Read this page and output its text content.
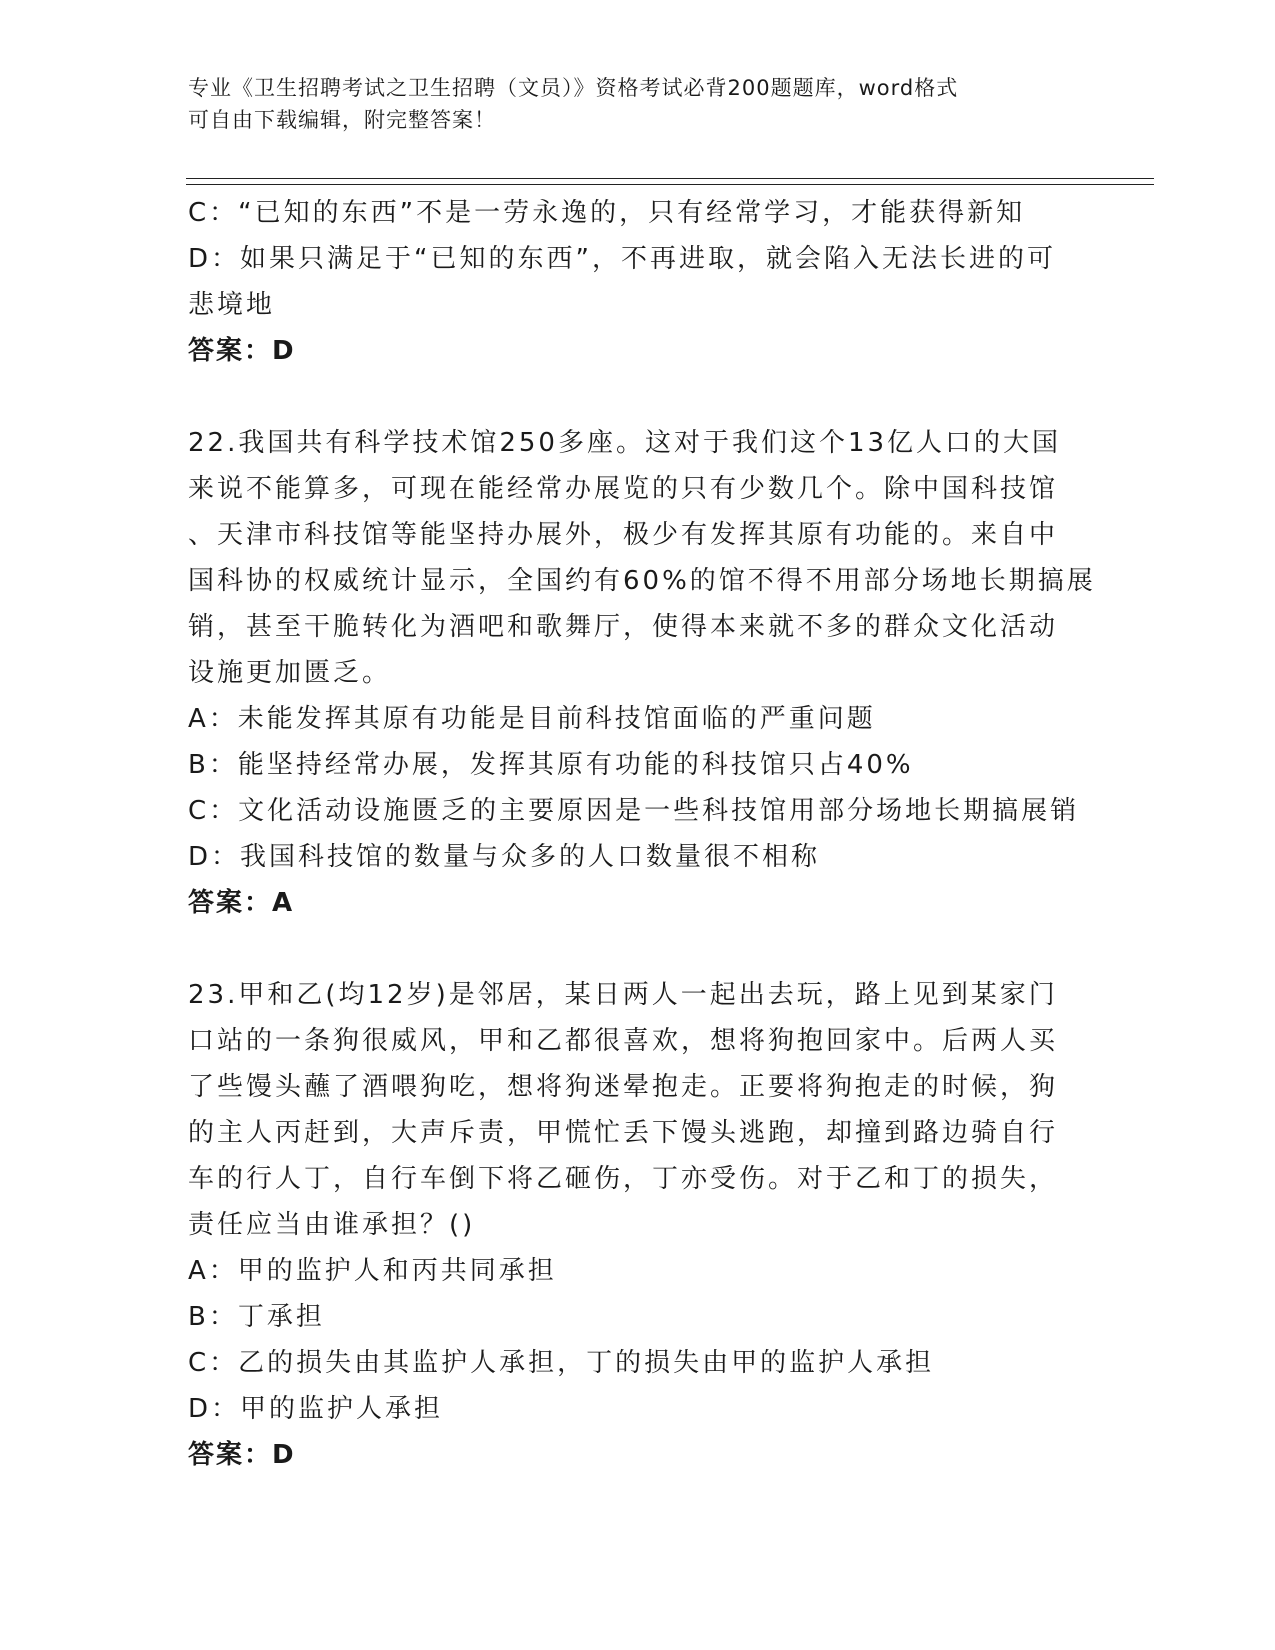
专业《卫生招聘考试之卫生招聘（文员）》资格考试必背200题题库，word格式
可自由下载编辑，附完整答案！
C：“已知的东西”不是一劳永逸的，只有经常学习，才能获得新知
D：如果只满足于“已知的东西”，不再进取，就会陷入无法长进的可
悲境地
答案：D
22.我国共有科学技术馆250多座。这对于我们这个13亿人口的大国
来说不能算多，可现在能经常办展览的只有少数几个。除中国科技馆
、天津市科技馆等能坚持办展外，极少有发挥其原有功能的。来自中
国科协的权威统计显示，全国约有60%的馆不得不用部分场地长期搞展
销，甚至干脆转化为酒吧和歌舞厅，使得本来就不多的群众文化活动
设施更加匮乏。
A：未能发挥其原有功能是目前科技馆面临的严重问题
B：能坚持经常办展，发挥其原有功能的科技馆只占40%
C：文化活动设施匮乏的主要原因是一些科技馆用部分场地长期搞展销
D：我国科技馆的数量与众多的人口数量很不相称
答案：A
23.甲和乙(均12岁)是邻居，某日两人一起出去玩，路上见到某家门
口站的一条狗很威风，甲和乙都很喜欢，想将狗抱回家中。后两人买
了些馒头蘸了酒喂狗吃，想将狗迷晕抱走。正要将狗抱走的时候，狗
的主人丙赶到，大声斥责，甲慌忙丢下馒头逃跑，却撞到路边骑自行
车的行人丁，自行车倒下将乙砸伤，丁亦受伤。对于乙和丁的损失，
责任应当由谁承担？()
A：甲的监护人和丙共同承担
B：丁承担
C：乙的损失由其监护人承担，丁的损失由甲的监护人承担
D：甲的监护人承担
答案：D
